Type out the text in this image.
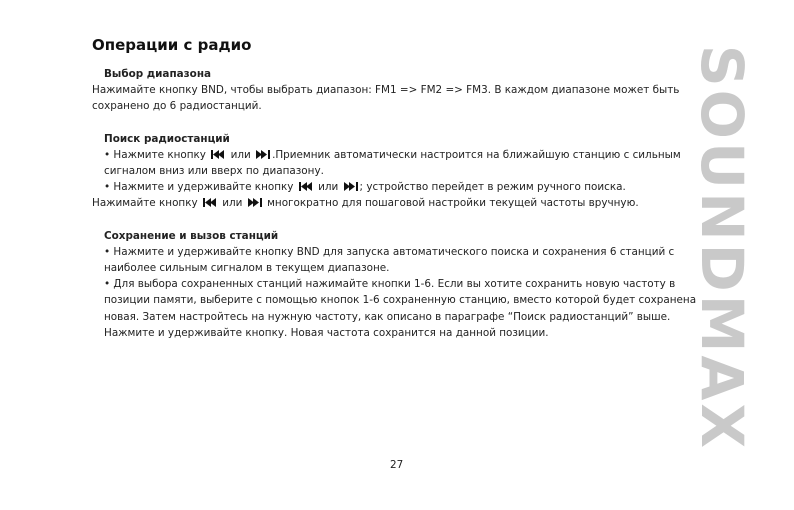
Операции с радио
Выбор диапазона

Нажимайте кнопку BND, чтобы выбрать диапазон: FM1 => FM2 => FM3. В каждом диапазоне может быть сохранено до 6 радиостанций.

Поиск радиостанций

• Нажмите кнопку или .Приемник автоматически настроится на ближайшую станцию с сильным сигналом вниз или вверх по диапазону.

• Нажмите и удерживайте кнопку или ; устройство перейдет в режим ручного поиска.

Нажимайте кнопку или многократно для пошаговой настройки текущей частоты вручную.

Сохранение и вызов станций

• Нажмите и удерживайте кнопку BND для запуска автоматического поиска и сохранения 6 станций с наиболее сильным сигналом в текущем диапазоне.

• Для выбора сохраненных станций нажимайте кнопки 1-6. Если вы хотите сохранить новую частоту в позиции памяти, выберите с помощью кнопок 1-6 сохраненную станцию, вместо которой будет сохранена новая. Затем настройтесь на нужную частоту, как описано в параграфе “Поиск радиостанций” выше. Нажмите и удерживайте кнопку. Новая частота сохранится на данной позиции.

27
SOUNDMAX
